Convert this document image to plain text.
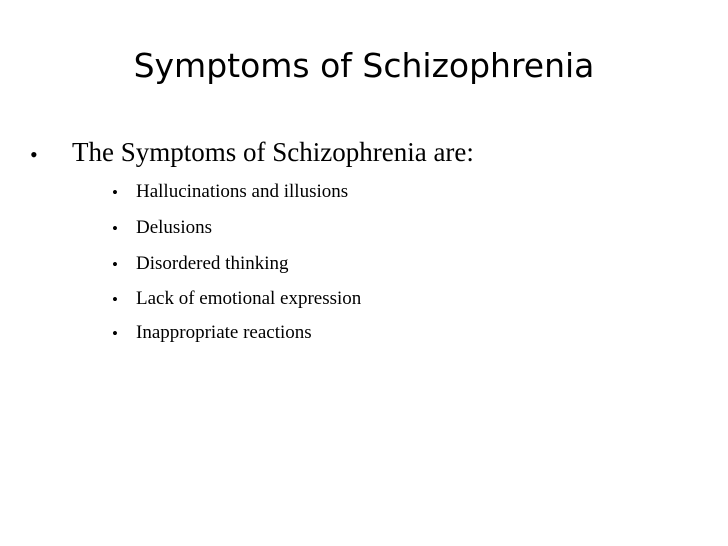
Symptoms of Schizophrenia
• The Symptoms of Schizophrenia are:
• Hallucinations and illusions
• Delusions
• Disordered thinking
• Lack of emotional expression
• Inappropriate reactions
